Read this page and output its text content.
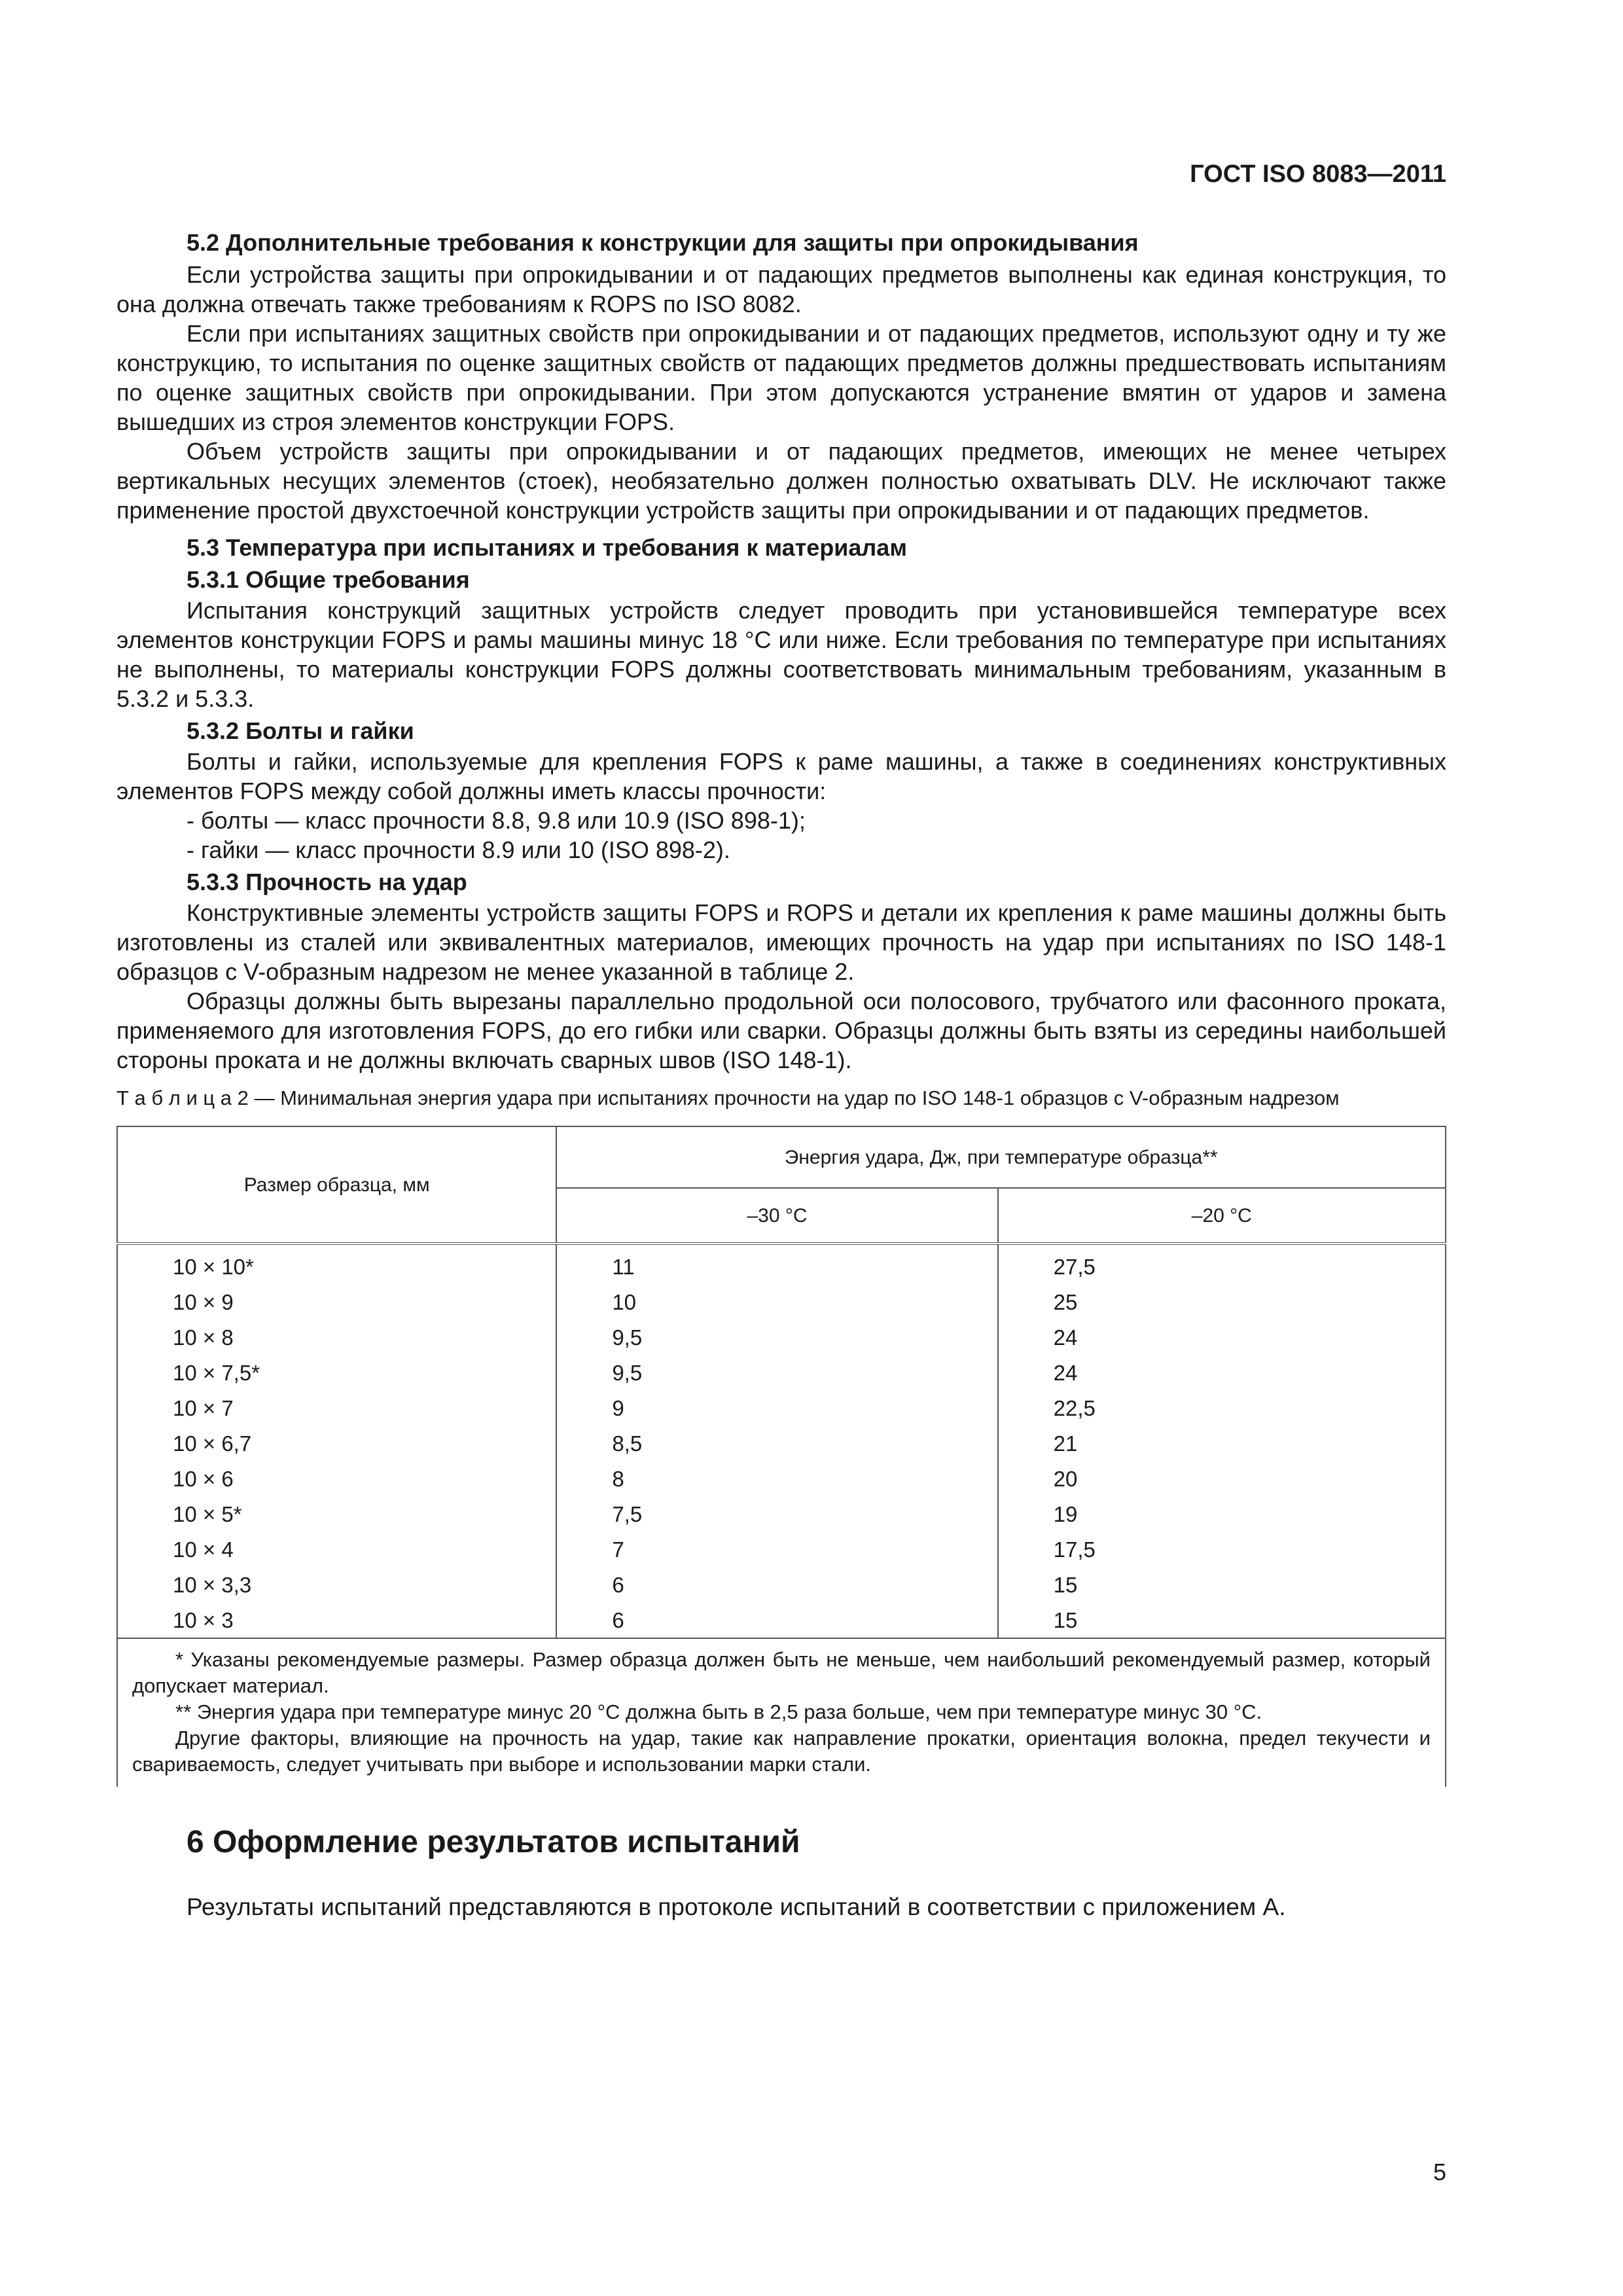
ГОСТ ISO 8083—2011
5.2 Дополнительные требования к конструкции для защиты при опрокидывания

Если устройства защиты при опрокидывании и от падающих предметов выполнены как единая конструкция, то она должна отвечать также требованиям к ROPS по ISO 8082.

Если при испытаниях защитных свойств при опрокидывании и от падающих предметов, используют одну и ту же конструкцию, то испытания по оценке защитных свойств от падающих предметов должны предшествовать испытаниям по оценке защитных свойств при опрокидывании. При этом допускаются устранение вмятин от ударов и замена вышедших из строя элементов конструкции FOPS.

Объем устройств защиты при опрокидывании и от падающих предметов, имеющих не менее четырех вертикальных несущих элементов (стоек), необязательно должен полностью охватывать DLV. Не исключают также применение простой двухстоечной конструкции устройств защиты при опрокидывании и от падающих предметов.

5.3 Температура при испытаниях и требования к материалам
5.3.1 Общие требования

Испытания конструкций защитных устройств следует проводить при установившейся температуре всех элементов конструкции FOPS и рамы машины минус 18 °С или ниже. Если требования по температуре при испытаниях не выполнены, то материалы конструкции FOPS должны соответствовать минимальным требованиям, указанным в 5.3.2 и 5.3.3.

5.3.2 Болты и гайки

Болты и гайки, используемые для крепления FOPS к раме машины, а также в соединениях конструктивных элементов FOPS между собой должны иметь классы прочности:

- болты — класс прочности 8.8, 9.8 или 10.9 (ISO 898-1);
- гайки — класс прочности 8.9 или 10 (ISO 898-2).
5.3.3 Прочность на удар

Конструктивные элементы устройств защиты FOPS и ROPS и детали их крепления к раме машины должны быть изготовлены из сталей или эквивалентных материалов, имеющих прочность на удар при испытаниях по ISO 148-1 образцов с V-образным надрезом не менее указанной в таблице 2.

Образцы должны быть вырезаны параллельно продольной оси полосового, трубчатого или фасонного проката, применяемого для изготовления FOPS, до его гибки или сварки. Образцы должны быть взяты из середины наибольшей стороны проката и не должны включать сварных швов (ISO 148-1).

Т а б л и ц а 2 — Минимальная энергия удара при испытаниях прочности на удар по ISO 148-1 образцов с V-образным надрезом
Размер образца, мм	Энергия удара, Дж, при температуре образца**	
	–30 °С	–20 °С
10 × 10*	11	27,5
10 × 9	10	25
10 × 8	9,5	24
10 × 7,5*	9,5	24
10 × 7	9	22,5
10 × 6,7	8,5	21
10 × 6	8	20
10 × 5*	7,5	19
10 × 4	7	17,5
10 × 3,3	6	15
10 × 3	6	15

* Указаны рекомендуемые размеры. Размер образца должен быть не меньше, чем наибольший рекомендуемый размер, который допускает материал.
** Энергия удара при температуре минус 20 °С должна быть в 2,5 раза больше, чем при температуре минус 30 °С.
Другие факторы, влияющие на прочность на удар, такие как направление прокатки, ориентация волокна, предел текучести и свариваемость, следует учитывать при выборе и использовании марки стали.		
6 Оформление результатов испытаний
Результаты испытаний представляются в протоколе испытаний в соответствии с приложением А.
5
